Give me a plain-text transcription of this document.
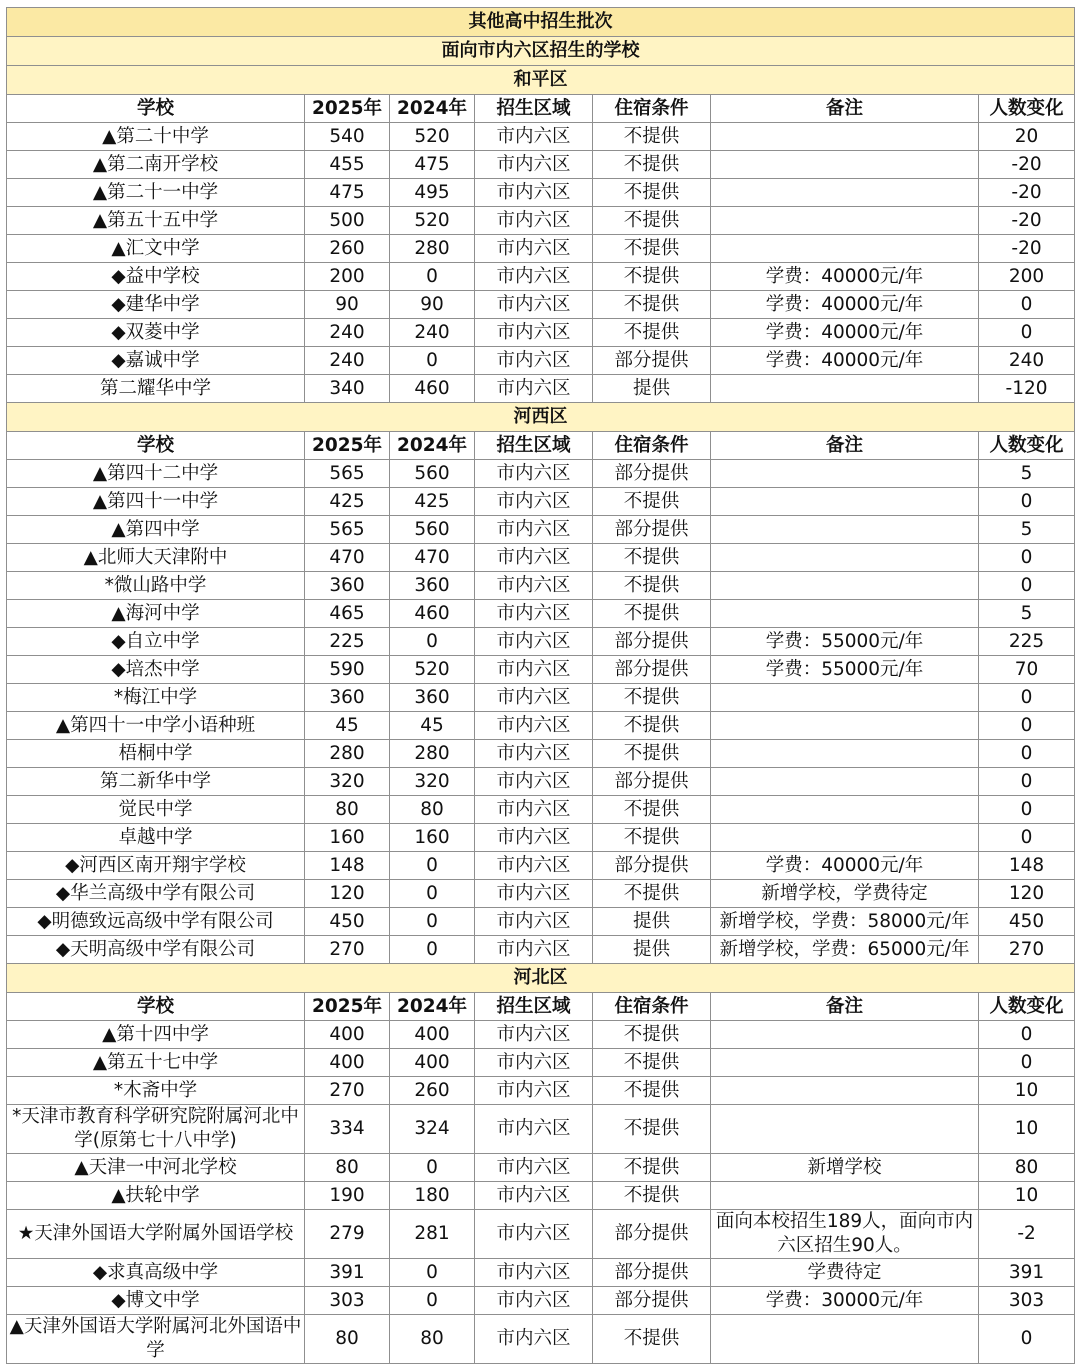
其他高中招生批次						
面向市内六区招生的学校						
和平区						
学校	2025年	2024年	招生区域	住宿条件	备注	人数变化
▲第二十中学	540	520	市内六区	不提供		20
▲第二南开学校	455	475	市内六区	不提供		-20
▲第二十一中学	475	495	市内六区	不提供		-20
▲第五十五中学	500	520	市内六区	不提供		-20
▲汇文中学	260	280	市内六区	不提供		-20
◆益中学校	200	0	市内六区	不提供	学费：40000元/年	200
◆建华中学	90	90	市内六区	不提供	学费：40000元/年	0
◆双菱中学	240	240	市内六区	不提供	学费：40000元/年	0
◆嘉诚中学	240	0	市内六区	部分提供	学费：40000元/年	240
第二耀华中学	340	460	市内六区	提供		-120
河西区						
学校	2025年	2024年	招生区域	住宿条件	备注	人数变化
▲第四十二中学	565	560	市内六区	部分提供		5
▲第四十一中学	425	425	市内六区	不提供		0
▲第四中学	565	560	市内六区	部分提供		5
▲北师大天津附中	470	470	市内六区	不提供		0
*微山路中学	360	360	市内六区	不提供		0
▲海河中学	465	460	市内六区	不提供		5
◆自立中学	225	0	市内六区	部分提供	学费：55000元/年	225
◆培杰中学	590	520	市内六区	部分提供	学费：55000元/年	70
*梅江中学	360	360	市内六区	不提供		0
▲第四十一中学小语种班	45	45	市内六区	不提供		0
梧桐中学	280	280	市内六区	不提供		0
第二新华中学	320	320	市内六区	部分提供		0
觉民中学	80	80	市内六区	不提供		0
卓越中学	160	160	市内六区	不提供		0
◆河西区南开翔宇学校	148	0	市内六区	部分提供	学费：40000元/年	148
◆华兰高级中学有限公司	120	0	市内六区	不提供	新增学校，学费待定	120
◆明德致远高级中学有限公司	450	0	市内六区	提供	新增学校，学费：58000元/年	450
◆天明高级中学有限公司	270	0	市内六区	提供	新增学校，学费：65000元/年	270
河北区						
学校	2025年	2024年	招生区域	住宿条件	备注	人数变化
▲第十四中学	400	400	市内六区	不提供		0
▲第五十七中学	400	400	市内六区	不提供		0
*木斋中学	270	260	市内六区	不提供		10
*天津市教育科学研究院附属河北中学(原第七十八中学)	334	324	市内六区	不提供		10
▲天津一中河北学校	80	0	市内六区	不提供	新增学校	80
▲扶轮中学	190	180	市内六区	不提供		10
★天津外国语大学附属外国语学校	279	281	市内六区	部分提供	面向本校招生189人，面向市内六区招生90人。	-2
◆求真高级中学	391	0	市内六区	部分提供	学费待定	391
◆博文中学	303	0	市内六区	部分提供	学费：30000元/年	303
▲天津外国语大学附属河北外国语中学	80	80	市内六区	不提供		0
